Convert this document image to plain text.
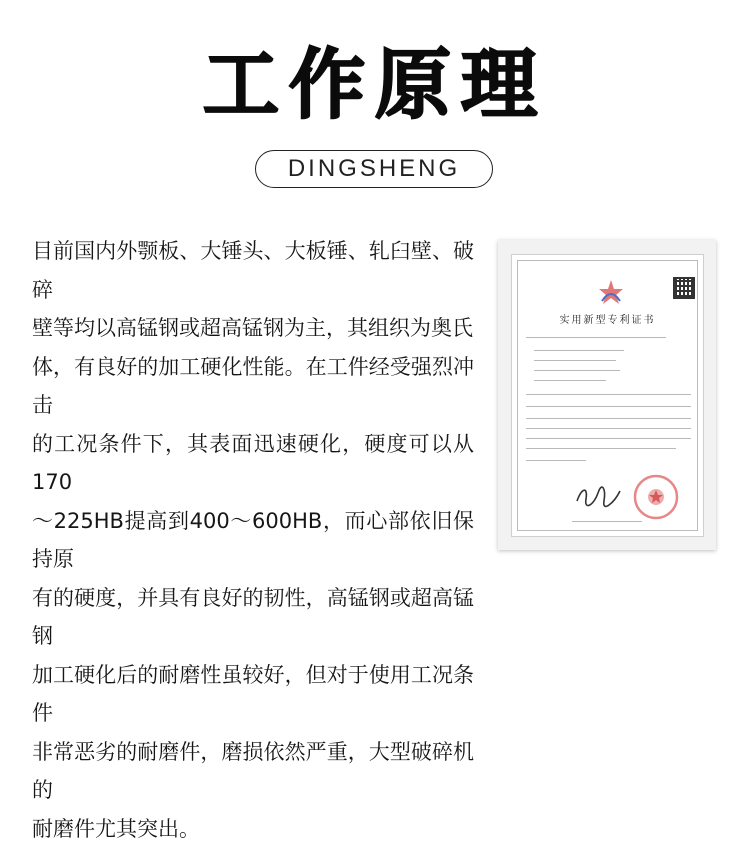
工作原理
DINGSHENG
目前国内外颚板、大锤头、大板锤、轧臼壁、破碎
壁等均以高锰钢或超高锰钢为主，其组织为奥氏
体，有良好的加工硬化性能。在工件经受强烈冲击
的工况条件下，其表面迅速硬化，硬度可以从170
～225HB提高到400～600HB，而心部依旧保持原
有的硬度，并具有良好的韧性，高锰钢或超高锰钢
加工硬化后的耐磨性虽较好，但对于使用工况条件
非常恶劣的耐磨件，磨损依然严重，大型破碎机的
耐磨件尤其突出。
实用新型专利证书
